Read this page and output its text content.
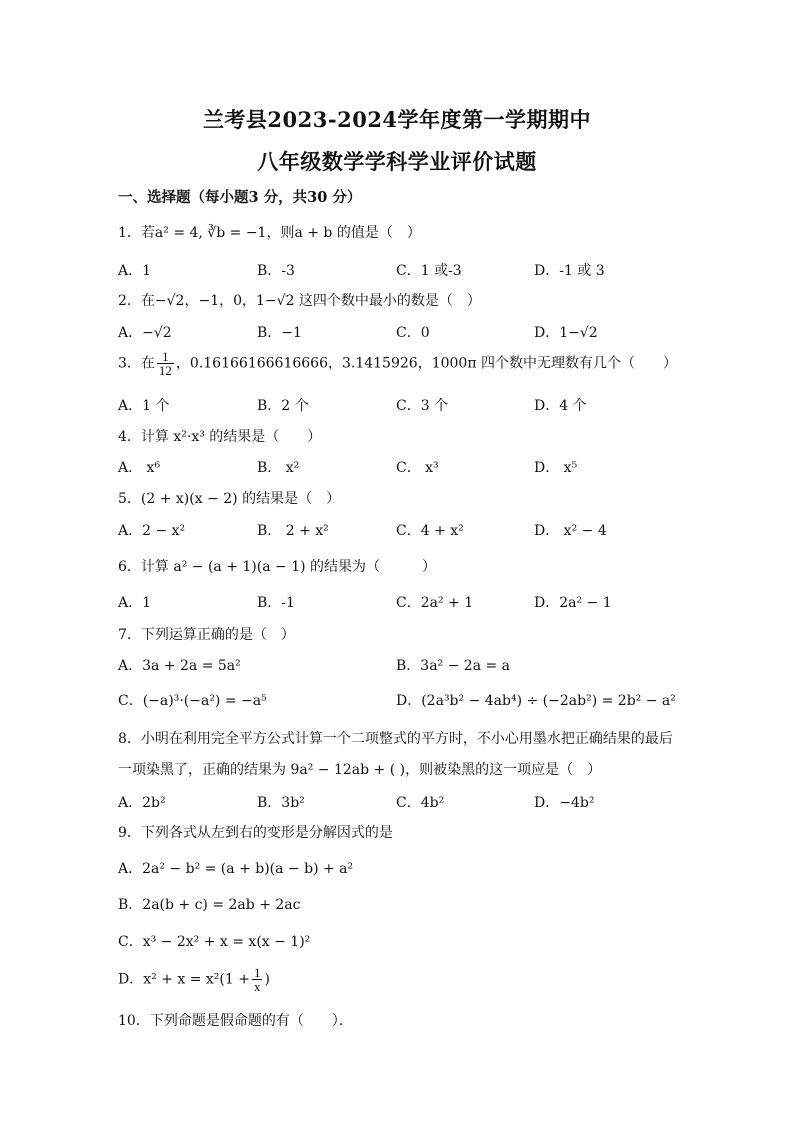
兰考县2023-2024学年度第一学期期中
八年级数学学科学业评价试题
一、选择题（每小题3 分，共30 分）
1．若a² = 4, ∛b = −1，则a + b 的值是（　）
A．1	B．-3	C．1 或-3	D．-1 或 3
2．在−√2，−1，0，1−√2 这四个数中最小的数是（　）
A．−√2	B．−1	C．0	D．1−√2
3．在 $\frac{1}{12}$ ，0.16166166616666，3.1415926，1000π 四个数中无理数有几个（　　）
A．1 个	B．2 个	C．3 个	D．4 个
4．计算 x²·x³ 的结果是（　　）
A． x⁶	B． x²	C． x³	D． x⁵
5．(2 + x)(x − 2) 的结果是（　）
A．2 − x²	B． 2 + x²	C．4 + x²	D． x² − 4
6．计算 a² − (a + 1)(a − 1) 的结果为（　　　）
A．1	B．-1	C．2a² + 1	D．2a² − 1
7．下列运算正确的是（　）
A．3a + 2a = 5a²	B．3a² − 2a = a
C．(−a)³·(−a²) = −a⁵	D．(2a³b² − 4ab⁴) ÷ (−2ab²) = 2b² − a²
8．小明在利用完全平方公式计算一个二项整式的平方时，不小心用墨水把正确结果的最后
一项染黑了，正确的结果为 9a² − 12ab + ( )，则被染黑的这一项应是（　）
A．2b²	B．3b²	C．4b²	D．−4b²
9．下列各式从左到右的变形是分解因式的是
A．2a² − b² = (a + b)(a − b) + a²
B．2a(b + c) = 2ab + 2ac
C．x³ − 2x² + x = x(x − 1)²
D．$x^2 + x = x^2(1 + \frac{1}{x}$ )
10．下列命题是假命题的有（　　）．
